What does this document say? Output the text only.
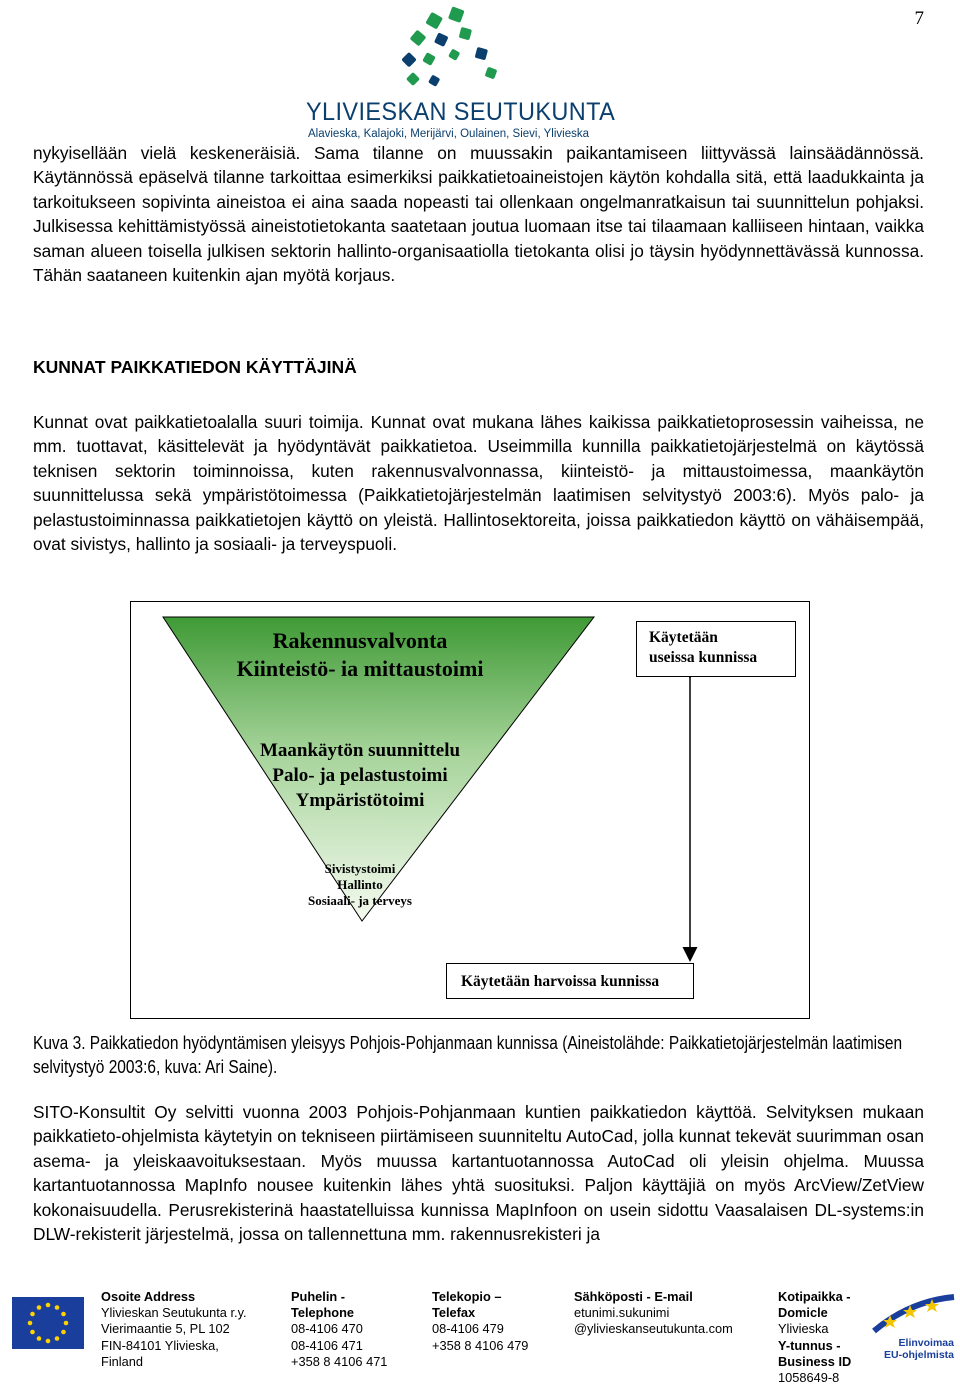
7
YLIVIESKAN SEUTUKUNTA
Alavieska, Kalajoki, Merijärvi, Oulainen, Sievi, Ylivieska

nykyisellään vielä keskeneräisiä. Sama tilanne on muussakin paikantamiseen liittyvässä lainsäädännössä. Käytännössä epäselvä tilanne tarkoittaa esimerkiksi paikkatietoaineistojen käytön kohdalla sitä, että laadukkainta ja tarkoitukseen sopivinta aineistoa ei aina saada nopeasti tai ollenkaan ongelmanratkaisun tai suunnittelun pohjaksi. Julkisessa kehittämistyössä aineistotietokanta saatetaan joutua luomaan itse tai tilaamaan kalliiseen hintaan, vaikka saman alueen toisella julkisen sektorin hallinto-organisaatiolla tietokanta olisi jo täysin hyödynnettävässä kunnossa. Tähän saataneen kuitenkin ajan myötä korjaus.

KUNNAT PAIKKATIEDON KÄYTTÄJINÄ

Kunnat ovat paikkatietoalalla suuri toimija. Kunnat ovat mukana lähes kaikissa paikkatietoprosessin vaiheissa, ne mm. tuottavat, käsittelevät ja hyödyntävät paikkatietoa. Useimmilla kunnilla paikkatietojärjestelmä on käytössä teknisen sektorin toiminnoissa, kuten rakennusvalvonnassa, kiinteistö- ja mittaustoimessa, maankäytön suunnittelussa sekä ympäristötoimessa (Paikkatietojärjestelmän laatimisen selvitystyö 2003:6). Myös palo- ja pelastustoiminnassa paikkatietojen käyttö on yleistä. Hallintosektoreita, joissa paikkatiedon käyttö on vähäisempää, ovat sivistys, hallinto ja sosiaali- ja terveyspuoli.

Rakennusvalvonta
Kiinteistö- ia mittaustoimi
Maankäytön suunnittelu
Palo- ja pelastustoimi
Ympäristötoimi
Sivistystoimi
Hallinto
Sosiaali- ja terveys
Käytetään
useissa kunnissa
Käytetään harvoissa kunnissa
Kuva 3. Paikkatiedon hyödyntämisen yleisyys Pohjois-Pohjanmaan kunnissa (Aineistolähde: Paikkatietojärjestelmän laatimisen selvitystyö 2003:6, kuva: Ari Saine).

SITO-Konsultit Oy selvitti vuonna 2003 Pohjois-Pohjanmaan kuntien paikkatiedon käyttöä. Selvityksen mukaan paikkatieto-ohjelmista käytetyin on tekniseen piirtämiseen suunniteltu AutoCad, jolla kunnat tekevät suurimman osan asema- ja yleiskaavoituksestaan. Myös muussa kartantuotannossa AutoCad oli yleisin ohjelma. Muussa kartantuotannossa MapInfo nousee kuitenkin lähes yhtä suosituksi. Paljon käyttäjiä on myös ArcView/ZetView kokonaisuudella. Perusrekisterinä haastatelluissa kunnissa MapInfoon on usein sidottu Vaasalaisen DL-systems:in DLW-rekisterit järjestelmä, jossa on tallennettuna mm. rakennusrekisteri ja

Osoite Address
Ylivieskan Seutukunta r.y.
Vierimaantie 5, PL 102
FIN-84101 Ylivieska,
Finland
Puhelin -
Telephone
08-4106 470
08-4106 471
+358 8 4106 471
Telekopio –
Telefax
08-4106 479
+358 8 4106 479
Sähköposti - E-mail
etunimi.sukunimi
@ylivieskanseutukunta.com
Kotipaikka -
Domicle
Ylivieska
Y-tunnus -
Business ID
1058649-8
Elinvoimaa
EU-ohjelmista
